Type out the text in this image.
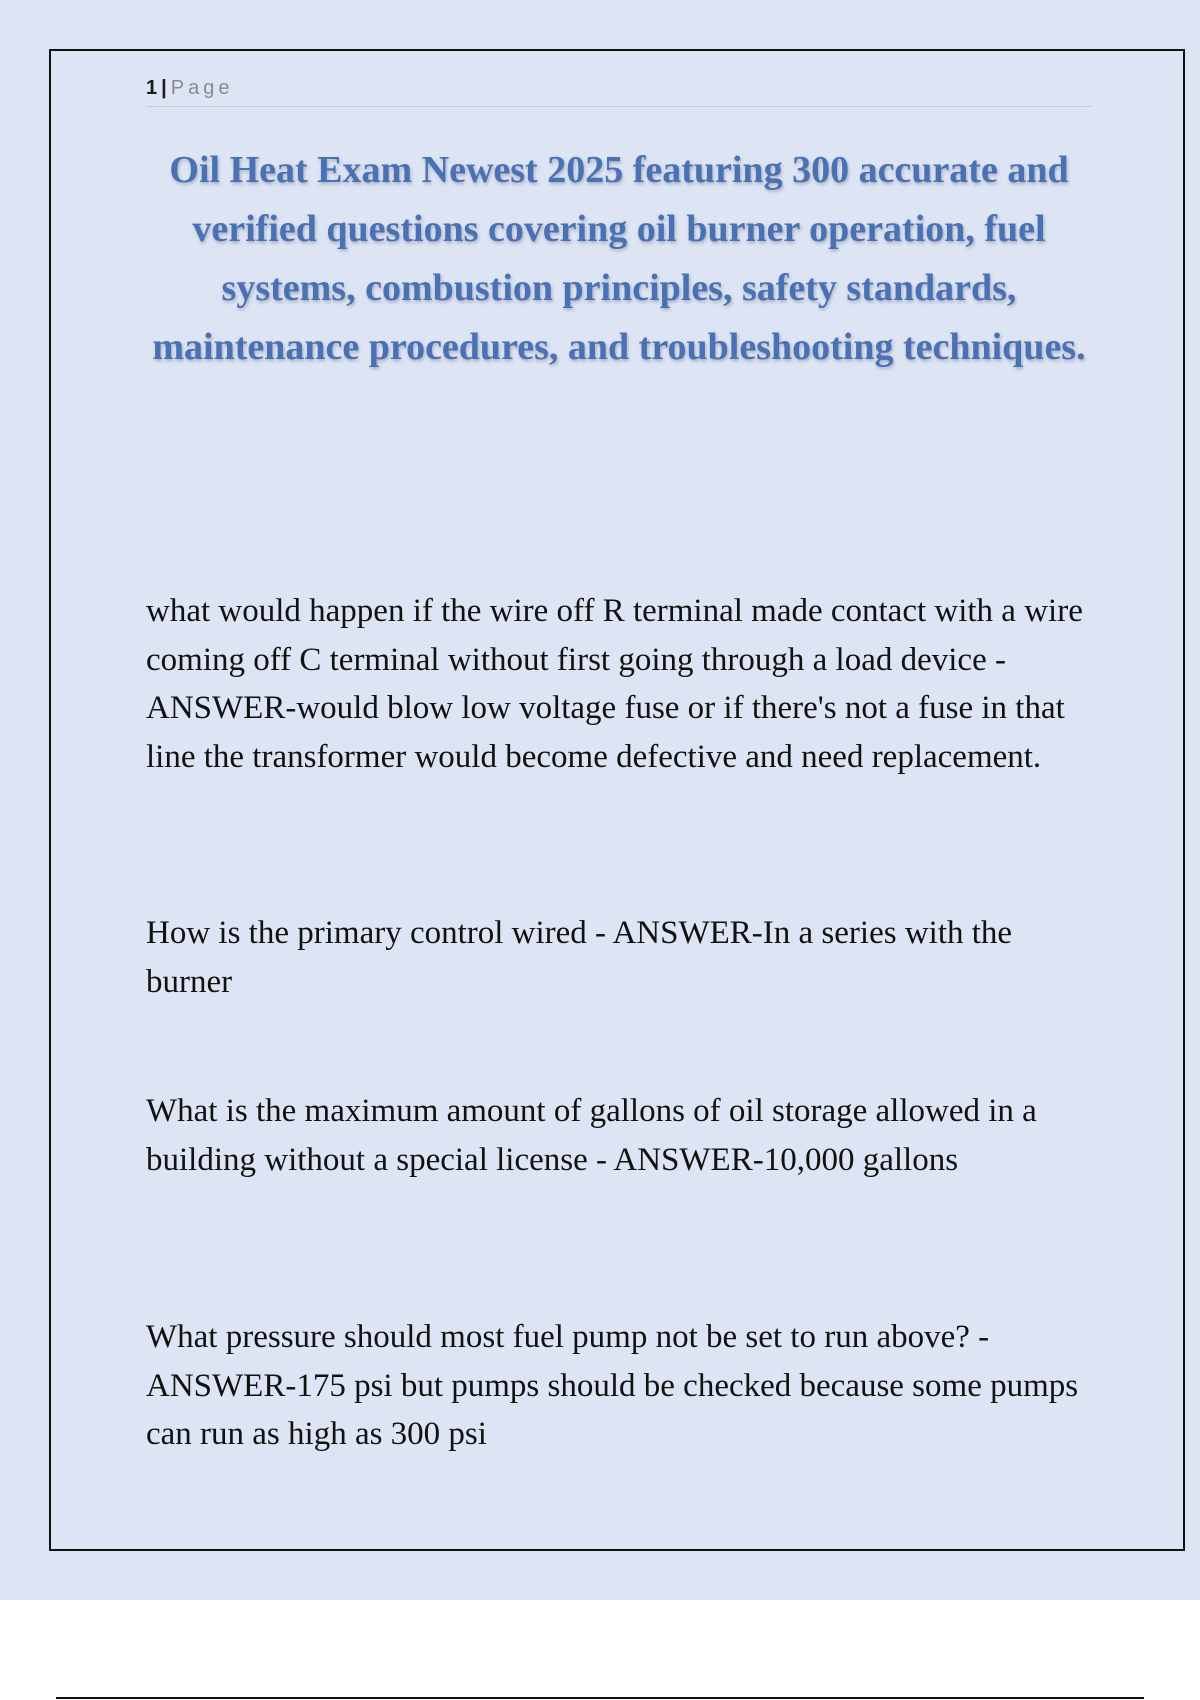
1 | Page
Oil Heat Exam Newest 2025 featuring 300 accurate and verified questions covering oil burner operation, fuel systems, combustion principles, safety standards, maintenance procedures, and troubleshooting techniques.

what would happen if the wire off R terminal made contact with a wire coming off C terminal without first going through a load device - ANSWER-would blow low voltage fuse or if there's not a fuse in that line the transformer would become defective and need replacement.

How is the primary control wired - ANSWER-In a series with the burner

What is the maximum amount of gallons of oil storage allowed in a building without a special license - ANSWER-10,000 gallons

What pressure should most fuel pump not be set to run above? - ANSWER-175 psi but pumps should be checked because some pumps can run as high as 300 psi
